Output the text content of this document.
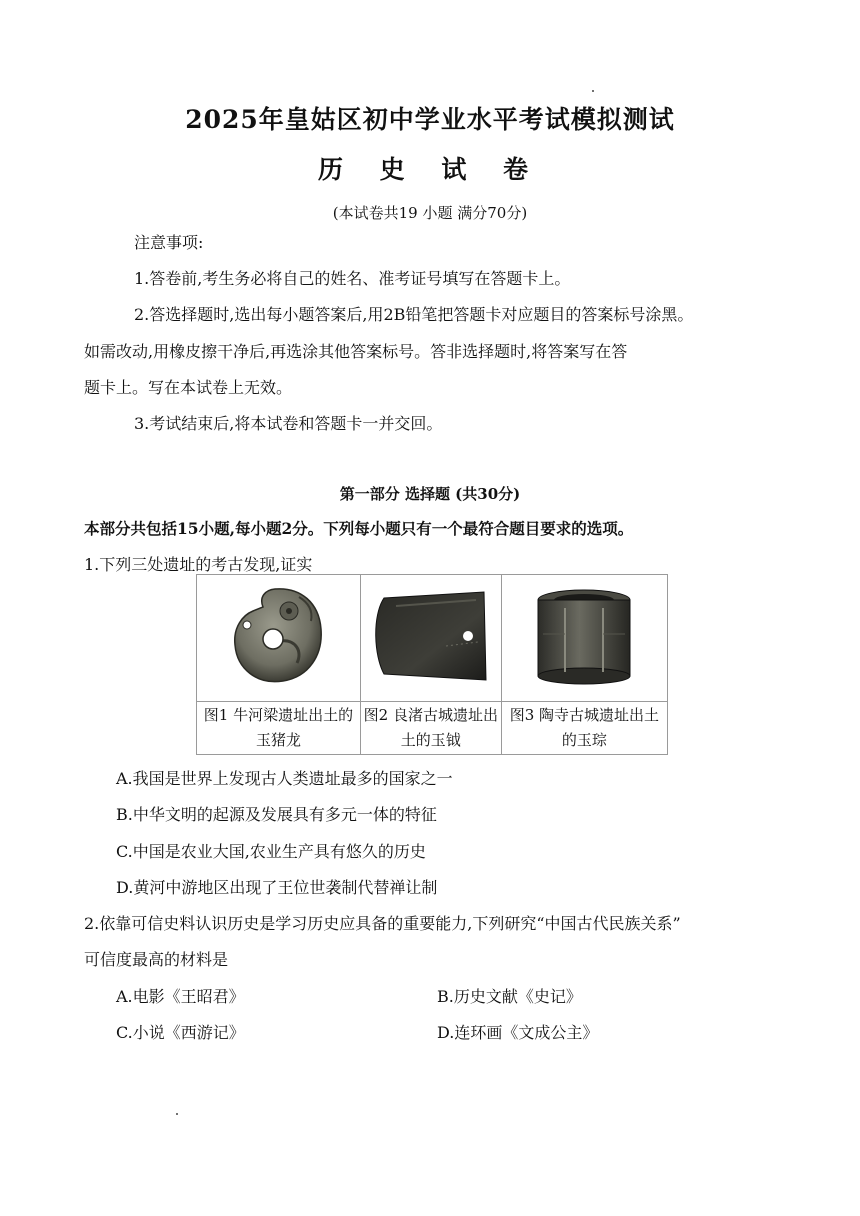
2025年皇姑区初中学业水平考试模拟测试
历 史 试 卷
(本试卷共19 小题 满分70分)
注意事项:
1.答卷前,考生务必将自己的姓名、准考证号填写在答题卡上。
2.答选择题时,选出每小题答案后,用2B铅笔把答题卡对应题目的答案标号涂黑。
如需改动,用橡皮擦干净后,再选涂其他答案标号。答非选择题时,将答案写在答
题卡上。写在本试卷上无效。
3.考试结束后,将本试卷和答题卡一并交回。
第一部分 选择题 (共30分)
本部分共包括15小题,每小题2分。下列每小题只有一个最符合题目要求的选项。
1.下列三处遗址的考古发现,证实

图1 牛河梁遗址出土的玉猪龙	图2 良渚古城遗址出土的玉钺	图3 陶寺古城遗址出土的玉琮
A.我国是世界上发现古人类遗址最多的国家之一
B.中华文明的起源及发展具有多元一体的特征
C.中国是农业大国,农业生产具有悠久的历史
D.黄河中游地区出现了王位世袭制代替禅让制
2.依靠可信史料认识历史是学习历史应具备的重要能力,下列研究“中国古代民族关系”
可信度最高的材料是
A.电影《王昭君》	B.历史文献《史记》
C.小说《西游记》	D.连环画《文成公主》
